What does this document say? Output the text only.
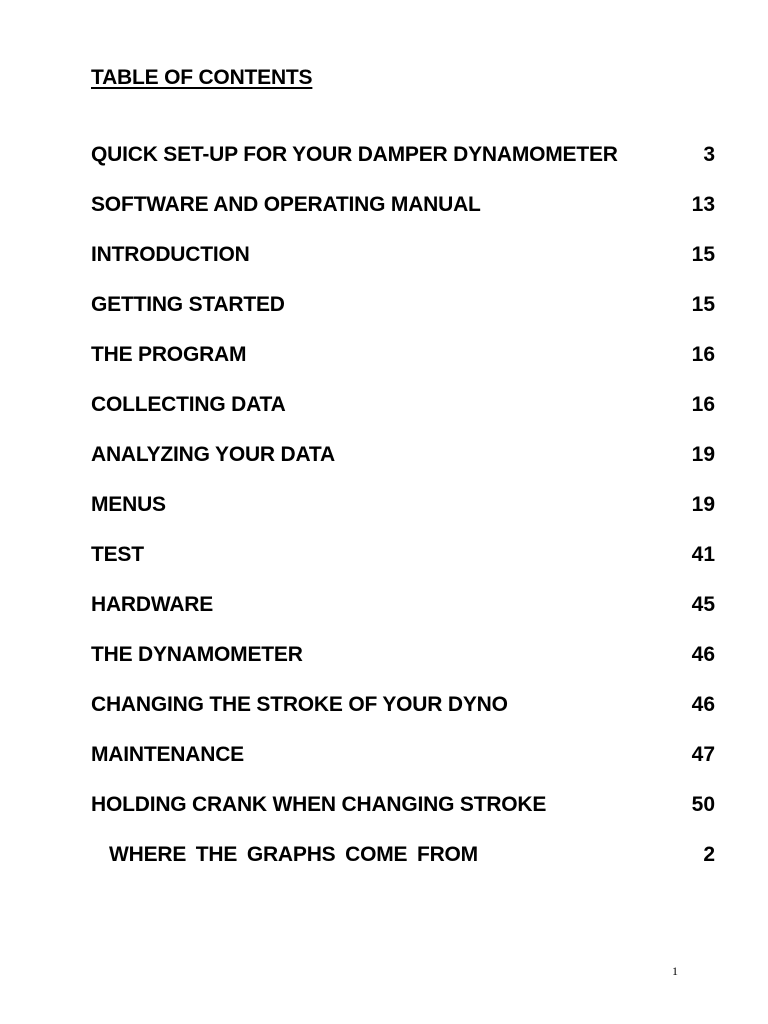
TABLE OF CONTENTS
QUICK SET-UP FOR YOUR DAMPER DYNAMOMETER	3
SOFTWARE AND OPERATING MANUAL	13
INTRODUCTION	15
GETTING STARTED	15
THE PROGRAM	16
COLLECTING DATA	16
ANALYZING YOUR DATA	19
MENUS	19
TEST	41
HARDWARE	45
THE DYNAMOMETER	46
CHANGING THE STROKE OF YOUR DYNO	46
MAINTENANCE	47
HOLDING CRANK WHEN CHANGING STROKE	50
WHERE THE GRAPHS COME FROM	2
1
